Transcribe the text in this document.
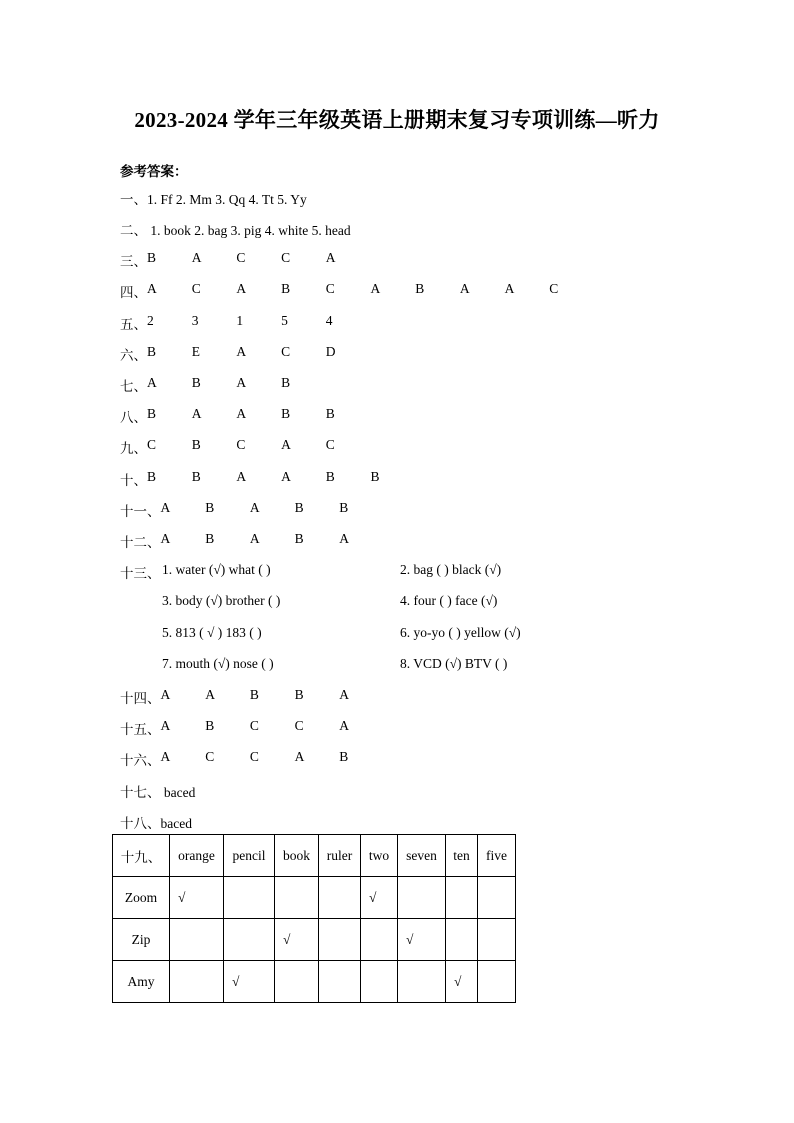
2023-2024 学年三年级英语上册期末复习专项训练—听力
参考答案：
一、1. Ff 2. Mm 3. Qq 4. Tt 5. Yy
二、 1. book 2. bag 3. pig 4. white 5. head
三、 B	A	C	C	A
四、 A	C	A	B	C	A	B	A	A	C
五、 2	3	1	5	4
六、 B	E	A	C	D
七、 A	B	A	B
八、 B	A	A	B	B
九、 C	B	C	A	C
十、 B	B	A	A	B	B
十一、 A	B	A	B	B
十二、 A	B	A	B	A
十三、 1. water (√) what ( )	2. bag ( ) black (√)
3. body (√) brother ( )	4. four ( ) face (√)
5. 813 ( √ ) 183 ( )	6. yo-yo ( ) yellow (√)
7. mouth (√) nose ( )	8. VCD (√) BTV ( )
十四、 A	A	B	B	A
十五、 A	B	C	C	A
十六、 A	C	C	A	B
十七、 baced
十八、baced
十九、	orange	pencil	book	ruler	two	seven	ten	five
Zoom	√				√			
Zip			√			√		
Amy		√					√	
